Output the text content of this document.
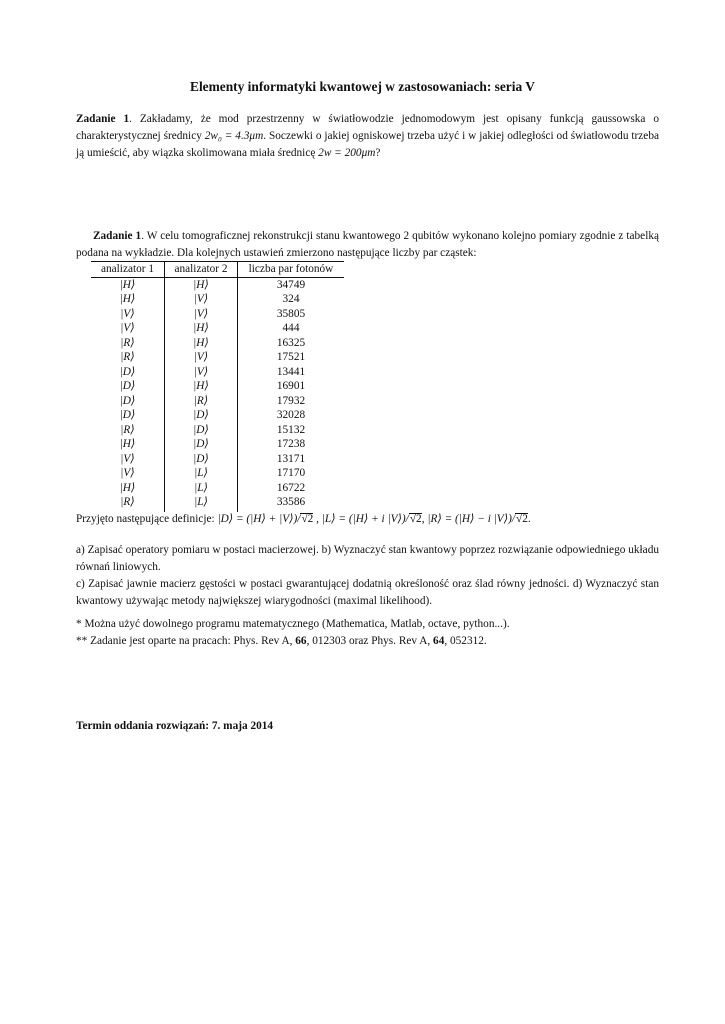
Elementy informatyki kwantowej w zastosowaniach: seria V
Zadanie 1. Zakładamy, że mod przestrzenny w światłowodzie jednomodowym jest opisany funkcją gaussowska o charakterystycznej średnicy 2w₀ = 4.3μm. Soczewki o jakiej ogniskowej trzeba użyć i w jakiej odległości od światłowodu trzeba ją umieścić, aby wiązka skolimowana miała średnicę 2w = 200μm?
Zadanie 1. W celu tomograficznej rekonstrukcji stanu kwantowego 2 qubitów wykonano kolejno pomiary zgodnie z tabelką podana na wykładzie. Dla kolejnych ustawień zmierzono następujące liczby par cząstek:
analizator 1	analizator 2	liczba par fotonów
|H⟩	|H⟩	34749
|H⟩	|V⟩	324
|V⟩	|V⟩	35805
|V⟩	|H⟩	444
|R⟩	|H⟩	16325
|R⟩	|V⟩	17521
|D⟩	|V⟩	13441
|D⟩	|H⟩	16901
|D⟩	|R⟩	17932
|D⟩	|D⟩	32028
|R⟩	|D⟩	15132
|H⟩	|D⟩	17238
|V⟩	|D⟩	13171
|V⟩	|L⟩	17170
|H⟩	|L⟩	16722
|R⟩	|L⟩	33586
Przyjęto następujące definicje: |D⟩ = (|H⟩ + |V⟩)/√2 , |L⟩ = (|H⟩ + i |V⟩)/√2, |R⟩ = (|H⟩ − i |V⟩)/√2.
a) Zapisać operatory pomiaru w postaci macierzowej. b) Wyznaczyć stan kwantowy poprzez rozwiązanie odpowiedniego układu równań liniowych.
c) Zapisać jawnie macierz gęstości w postaci gwarantującej dodatnią określoność oraz ślad równy jedności. d) Wyznaczyć stan kwantowy używając metody największej wiarygodności (maximal likelihood).
* Można użyć dowolnego programu matematycznego (Mathematica, Matlab, octave, python...).
** Zadanie jest oparte na pracach: Phys. Rev A, 66, 012303 oraz Phys. Rev A, 64, 052312.
Termin oddania rozwiązań: 7. maja 2014
